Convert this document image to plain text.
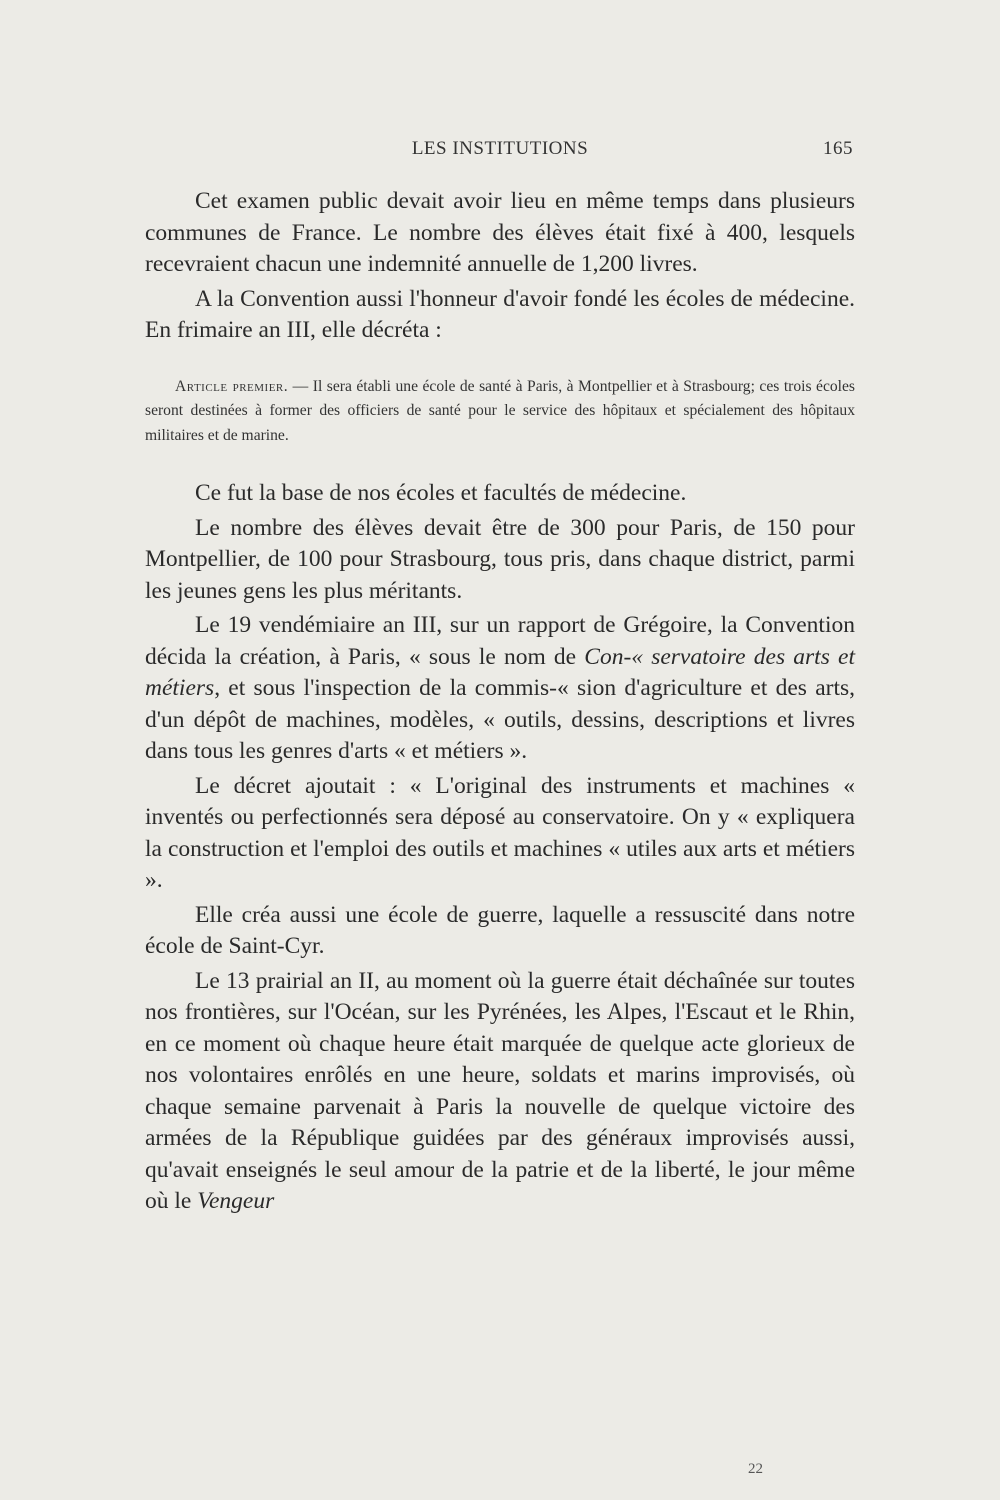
LES INSTITUTIONS	165

Cet examen public devait avoir lieu en même temps dans plusieurs communes de France. Le nombre des élèves était fixé à 400, lesquels recevraient chacun une indemnité annuelle de 1,200 livres.

A la Convention aussi l'honneur d'avoir fondé les écoles de médecine. En frimaire an III, elle décréta :

Article premier. — Il sera établi une école de santé à Paris, à Montpellier et à Strasbourg; ces trois écoles seront destinées à former des officiers de santé pour le service des hôpitaux et spécialement des hôpitaux militaires et de marine.

Ce fut la base de nos écoles et facultés de médecine.

Le nombre des élèves devait être de 300 pour Paris, de 150 pour Montpellier, de 100 pour Strasbourg, tous pris, dans chaque district, parmi les jeunes gens les plus méritants.

Le 19 vendémiaire an III, sur un rapport de Grégoire, la Convention décida la création, à Paris, « sous le nom de Con-« servatoire des arts et métiers, et sous l'inspection de la commis-« sion d'agriculture et des arts, d'un dépôt de machines, modèles, « outils, dessins, descriptions et livres dans tous les genres d'arts « et métiers ».

Le décret ajoutait : « L'original des instruments et machines « inventés ou perfectionnés sera déposé au conservatoire. On y « expliquera la construction et l'emploi des outils et machines « utiles aux arts et métiers ».

Elle créa aussi une école de guerre, laquelle a ressuscité dans notre école de Saint-Cyr.

Le 13 prairial an II, au moment où la guerre était déchaînée sur toutes nos frontières, sur l'Océan, sur les Pyrénées, les Alpes, l'Escaut et le Rhin, en ce moment où chaque heure était marquée de quelque acte glorieux de nos volontaires enrôlés en une heure, soldats et marins improvisés, où chaque semaine parvenait à Paris la nouvelle de quelque victoire des armées de la République guidées par des généraux improvisés aussi, qu'avait enseignés le seul amour de la patrie et de la liberté, le jour même où le Vengeur

22
